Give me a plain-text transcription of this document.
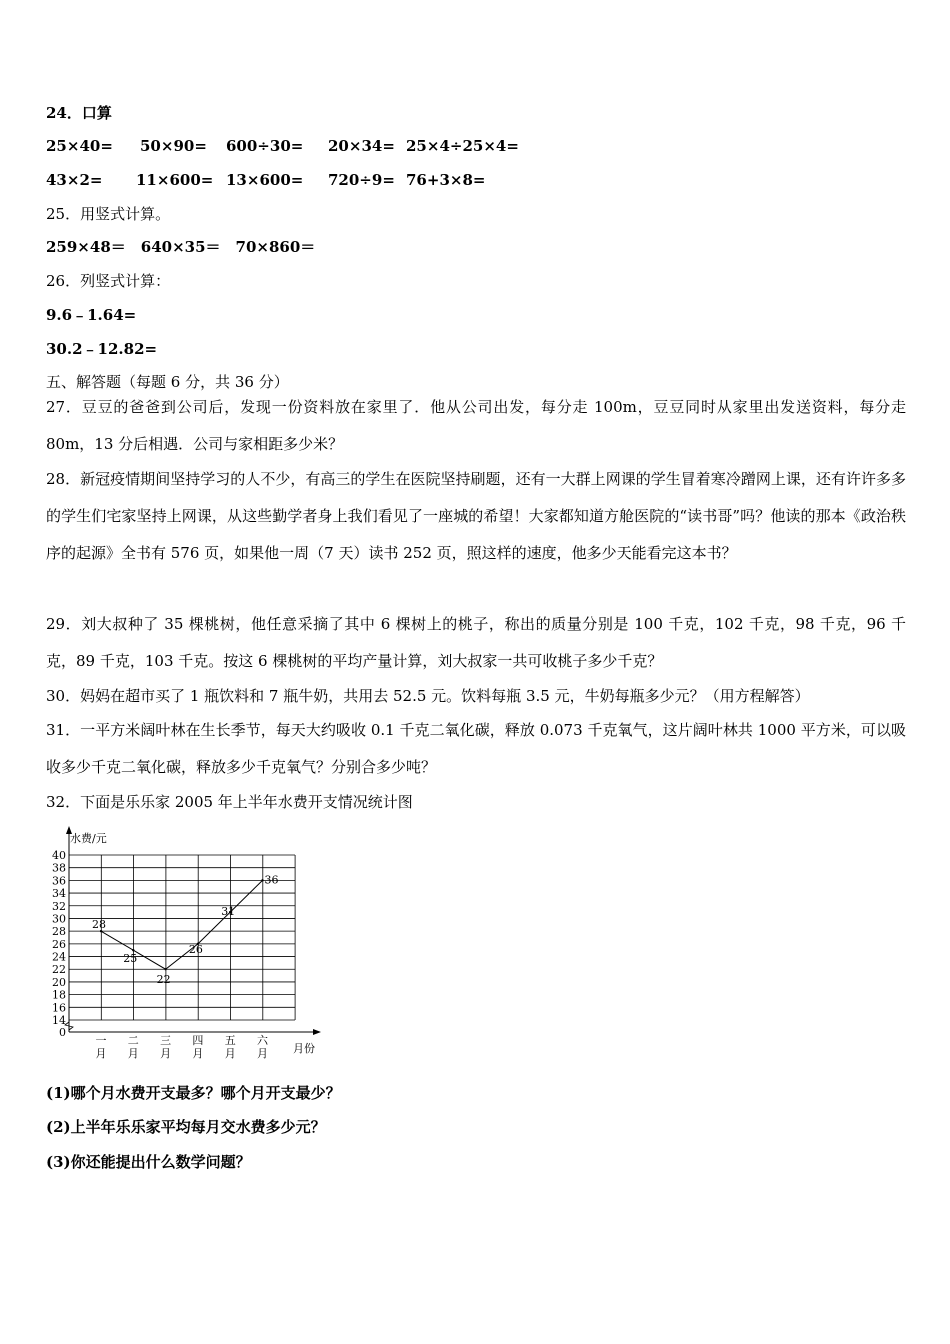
24．口算
25×40= 50×90= 600÷30= 20×34= 25×4÷25×4=
43×2= 11×600= 13×600= 720÷9= 76+3×8=
25．用竖式计算。
259×48＝　640×35＝　70×860＝
26．列竖式计算：
9.6﹣1.64=
30.2﹣12.82=
五、解答题（每题 6 分，共 36 分）
27．豆豆的爸爸到公司后，发现一份资料放在家里了．他从公司出发，每分走 100m，豆豆同时从家里出发送资料，每分走 80m，13 分后相遇．公司与家相距多少米？
28．新冠疫情期间坚持学习的人不少，有高三的学生在医院坚持刷题，还有一大群上网课的学生冒着寒冷蹭网上课，还有许许多多的学生们宅家坚持上网课，从这些勤学者身上我们看见了一座城的希望！大家都知道方舱医院的“读书哥”吗？他读的那本《政治秩序的起源》全书有 576 页，如果他一周（7 天）读书 252 页，照这样的速度，他多少天能看完这本书？
29．刘大叔种了 35 棵桃树，他任意采摘了其中 6 棵树上的桃子，称出的质量分别是 100 千克，102 千克，98 千克，96 千克，89 千克，103 千克。按这 6 棵桃树的平均产量计算，刘大叔家一共可收桃子多少千克？
30．妈妈在超市买了 1 瓶饮料和 7 瓶牛奶，共用去 52.5 元。饮料每瓶 3.5 元，牛奶每瓶多少元？（用方程解答）
31．一平方米阔叶林在生长季节，每天大约吸收 0.1 千克二氧化碳，释放 0.073 千克氧气，这片阔叶林共 1000 平方米，可以吸收多少千克二氧化碳，释放多少千克氧气？分别合多少吨？
32．下面是乐乐家 2005 年上半年水费开支情况统计图
水费/元
月份
0
14
16
18
20
22
24
26
28
30
32
34
36
38
40
一月
二月
三月
四月
五月
六月
28
25
22
26
31
36
(1)哪个月水费开支最多？哪个月开支最少？
(2)上半年乐乐家平均每月交水费多少元？
(3)你还能提出什么数学问题？
